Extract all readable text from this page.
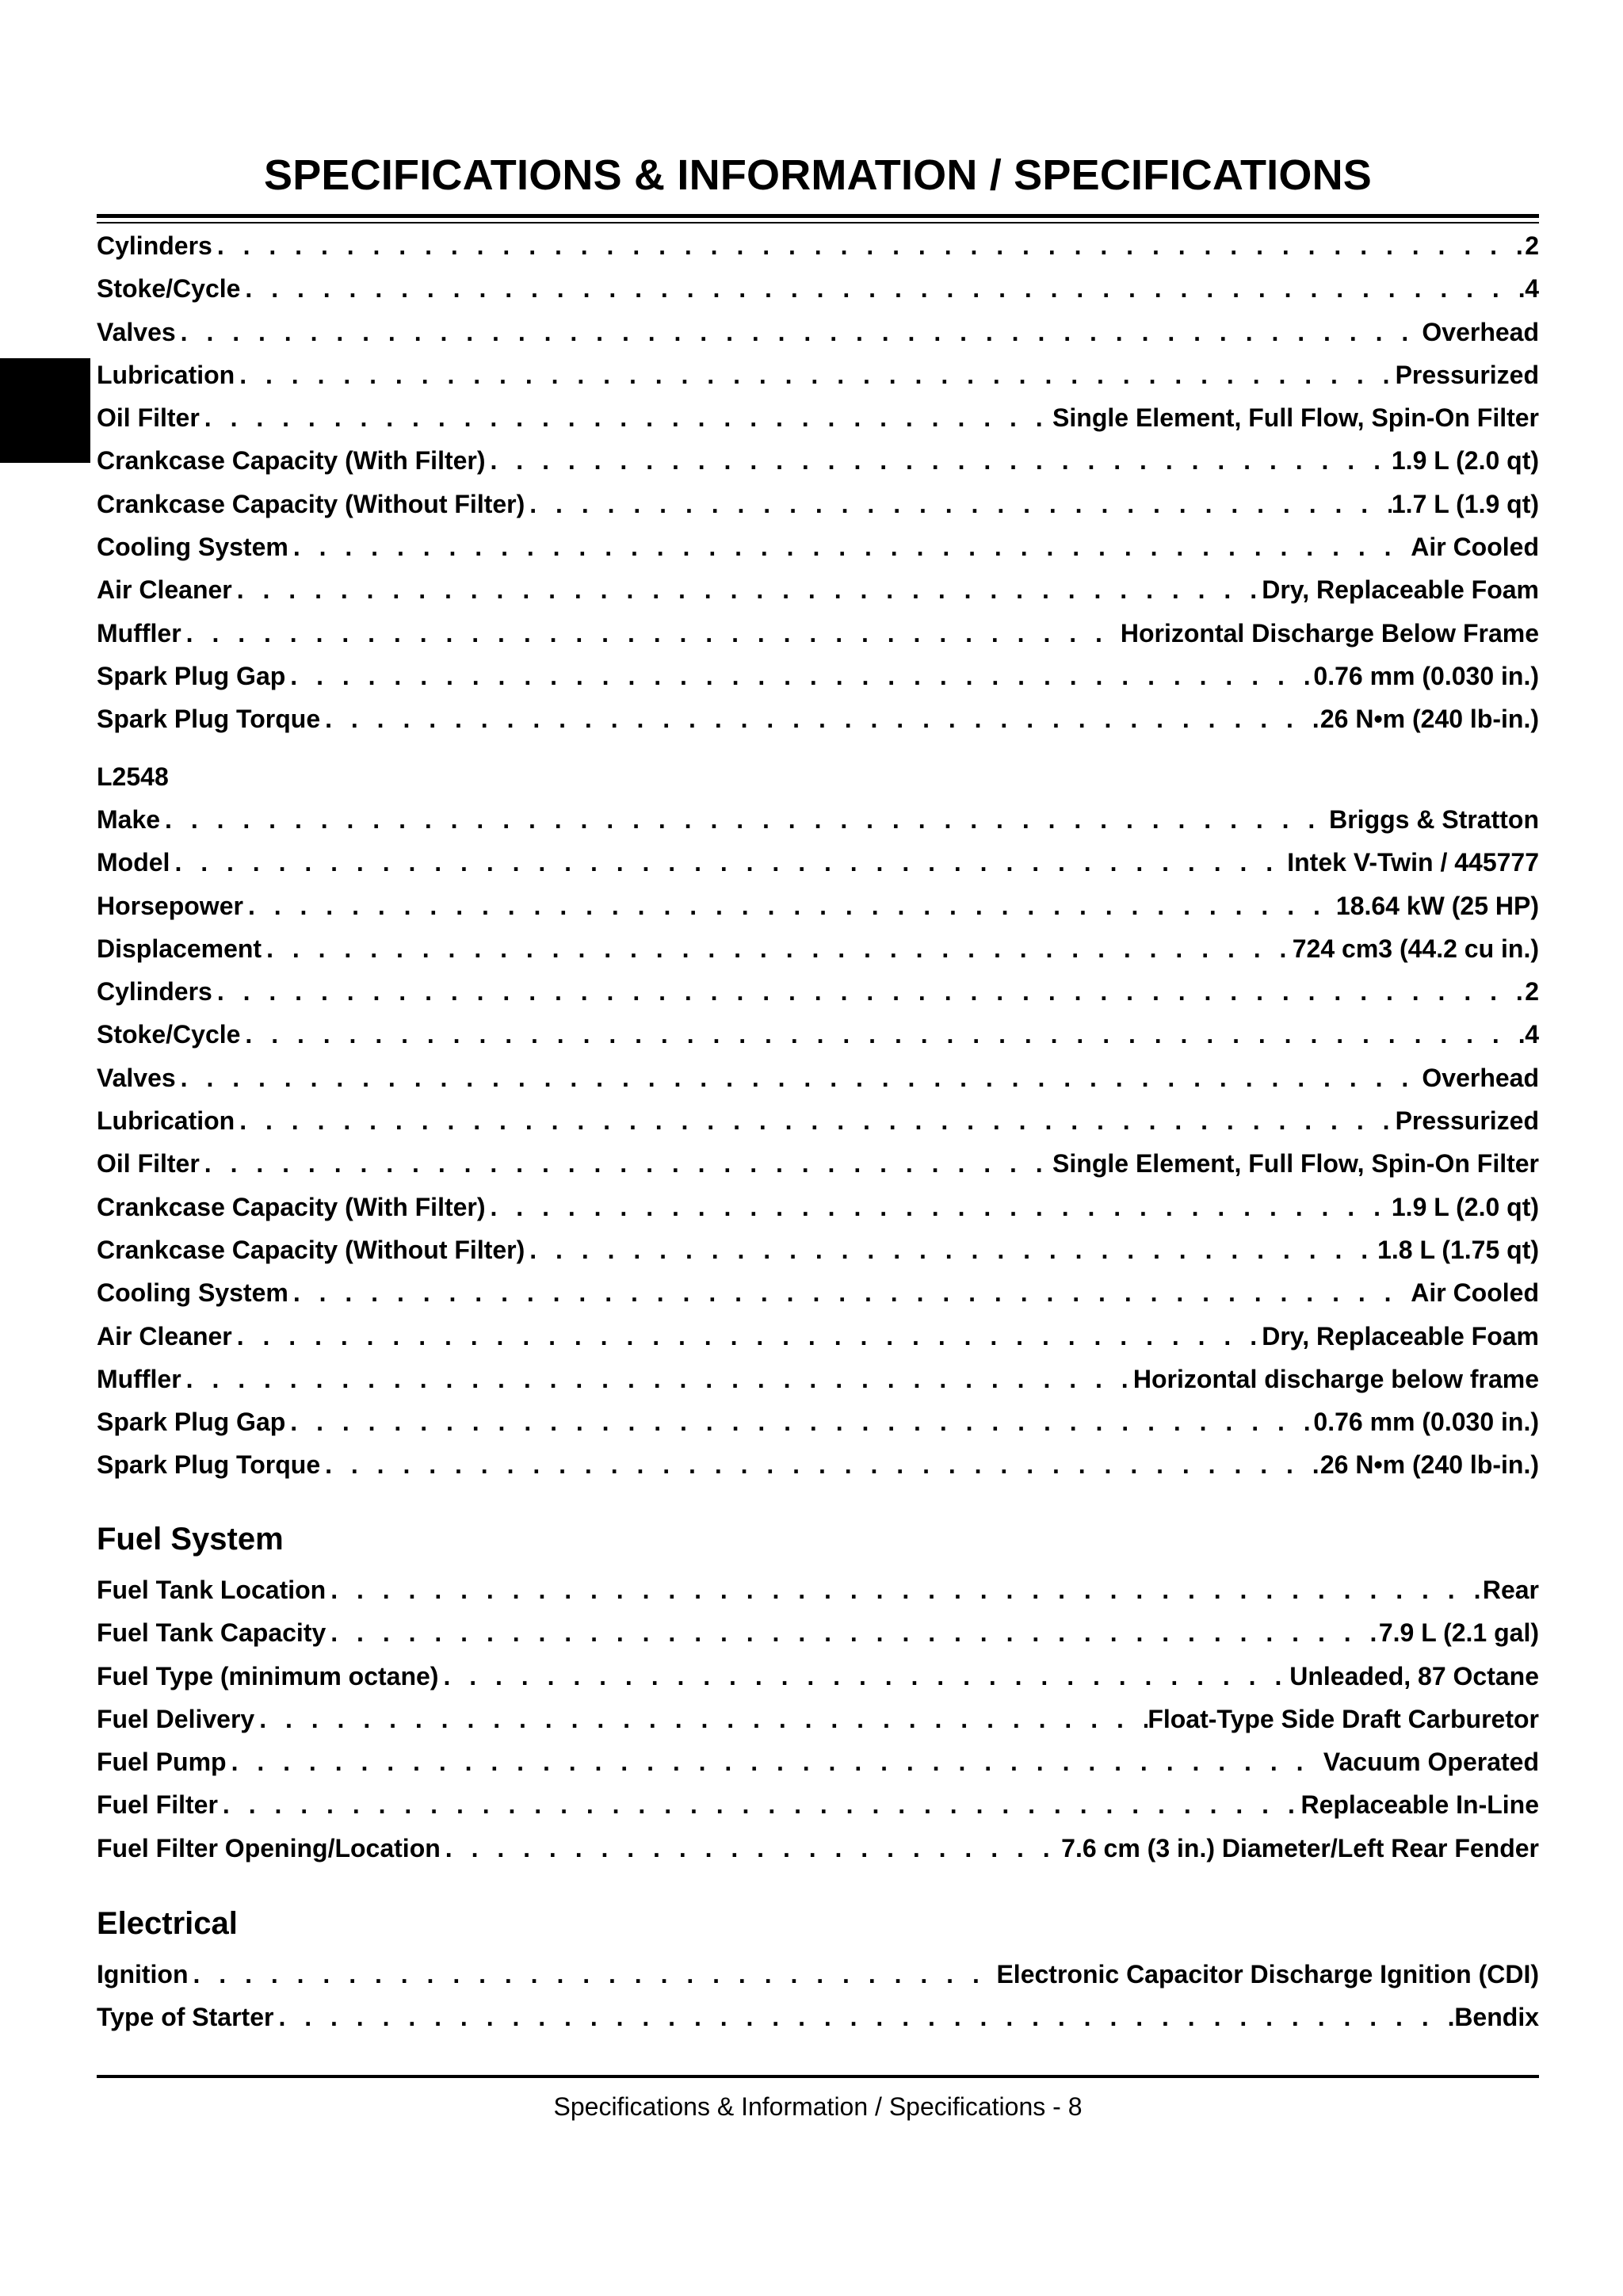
SPECIFICATIONS & INFORMATION / SPECIFICATIONS
Cylinders . . .	2
Stoke/Cycle . . .	4
Valves . . .	Overhead
Lubrication . . .	Pressurized
Oil Filter . . .	Single Element, Full Flow, Spin-On Filter
Crankcase Capacity (With Filter) . . .	1.9 L (2.0 qt)
Crankcase Capacity (Without Filter) . . .	1.7 L (1.9 qt)
Cooling System . . .	Air Cooled
Air Cleaner . . .	Dry, Replaceable Foam
Muffler . . .	Horizontal Discharge Below Frame
Spark Plug Gap . . .	0.76 mm (0.030 in.)
Spark Plug Torque . . .	26 N•m (240 lb-in.)
L2548
Make . . .	Briggs & Stratton
Model . . .	Intek V-Twin / 445777
Horsepower . . .	18.64 kW (25 HP)
Displacement . . .	724 cm3 (44.2 cu in.)
Cylinders . . .	2
Stoke/Cycle . . .	4
Valves . . .	Overhead
Lubrication . . .	Pressurized
Oil Filter . . .	Single Element, Full Flow, Spin-On Filter
Crankcase Capacity (With Filter) . . .	1.9 L (2.0 qt)
Crankcase Capacity (Without Filter) . . .	1.8 L (1.75 qt)
Cooling System . . .	Air Cooled
Air Cleaner . . .	Dry, Replaceable Foam
Muffler . . .	Horizontal discharge below frame
Spark Plug Gap . . .	0.76 mm (0.030 in.)
Spark Plug Torque . . .	26 N•m (240 lb-in.)
Fuel System
Fuel Tank Location . . .	Rear
Fuel Tank Capacity . . .	7.9 L (2.1 gal)
Fuel Type (minimum octane) . . .	Unleaded, 87 Octane
Fuel Delivery . . .	Float-Type Side Draft Carburetor
Fuel Pump . . .	Vacuum Operated
Fuel Filter . . .	Replaceable In-Line
Fuel Filter Opening/Location . . .	7.6 cm (3 in.) Diameter/Left Rear Fender
Electrical
Ignition . . .	Electronic Capacitor Discharge Ignition (CDI)
Type of Starter . . .	Bendix
Specifications & Information / Specifications - 8
